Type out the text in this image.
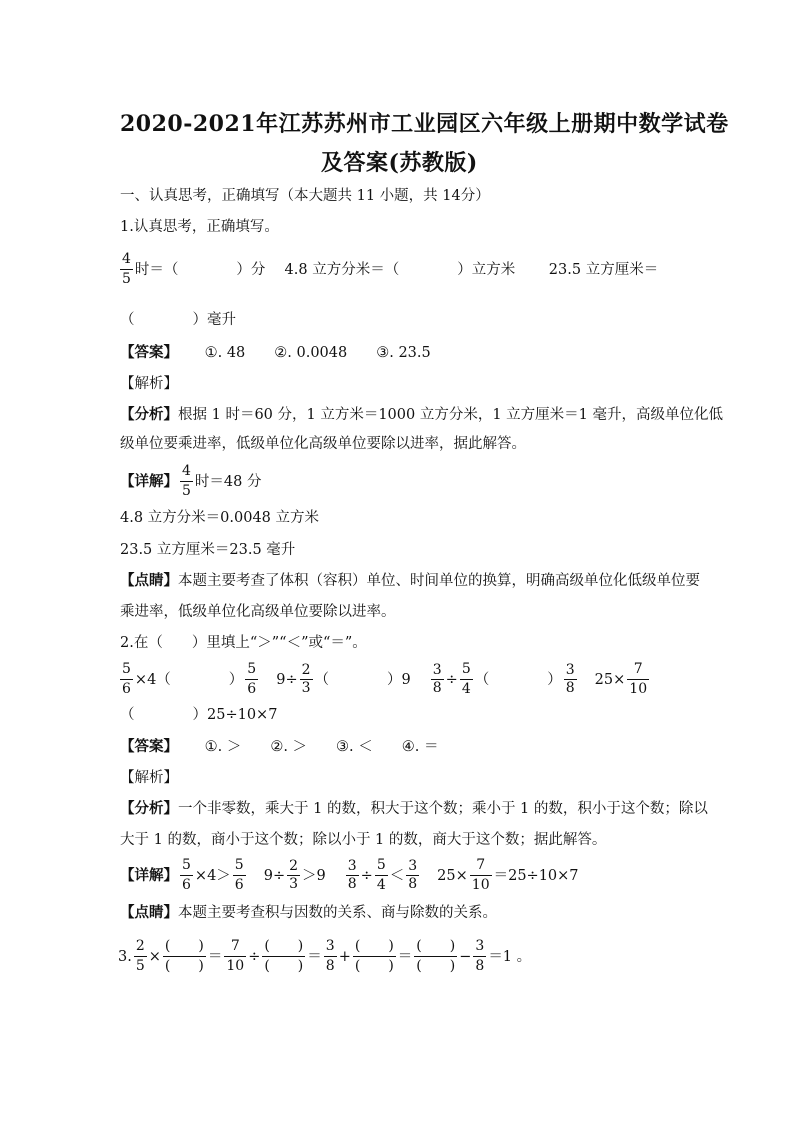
2020-2021年江苏苏州市工业园区六年级上册期中数学试卷
及答案(苏教版)
一、认真思考，正确填写（本大题共 11 小题，共 14分）
1.认真思考，正确填写。
$\frac{4}{5}$ 时＝（　　　　）分　 4.8 立方分米＝（　　　　）立方米　　 23.5 立方厘米＝
（　　　　）毫升
【答案】 ①. 48　　②. 0.0048　　③. 23.5
【解析】
【分析】根据 1 时＝60 分，1 立方米＝1000 立方分米，1 立方厘米＝1 毫升，高级单位化低
级单位要乘进率，低级单位化高级单位要除以进率，据此解答。
【详解】 $\frac{4}{5}$ 时＝48 分
4.8 立方分米＝0.0048 立方米
23.5 立方厘米＝23.5 毫升
【点睛】本题主要考查了体积（容积）单位、时间单位的换算，明确高级单位化低级单位要
乘进率，低级单位化高级单位要除以进率。
2.在（　　）里填上“＞”“＜”或“＝”。
$\frac{5}{6} \times 4$（　　　　） $\frac{5}{6} 9\div \frac{2}{3}$ （　　　　）$9 \frac{3}{8} \div \frac{5}{4}$ （　　　　） $\frac{3}{8} 25\times \frac{7}{10}$
（　　　　）25÷10×7
【答案】 ①. ＞　　②. ＞　　③. ＜　　④. ＝
【解析】
【分析】一个非零数，乘大于 1 的数，积大于这个数；乘小于 1 的数，积小于这个数；除以
大于 1 的数，商小于这个数；除以小于 1 的数，商大于这个数；据此解答。
【详解】 $\frac{5}{6} \times 4> \frac{5}{6} 9\div \frac{2}{3} >9 \frac{3}{8} \div \frac{5}{4} < \frac{3}{8} 25\times \frac{7}{10} =25\div 10\times 7$
【点睛】本题主要考查积与因数的关系、商与除数的关系。
3. $\frac{2}{5} \times \frac{( )}{( )} = \frac{7}{10} \div \frac{( )}{( )} = \frac{3}{8} + \frac{( )}{( )} = \frac{( )}{( )} - \frac{3}{8} =1$ 。
